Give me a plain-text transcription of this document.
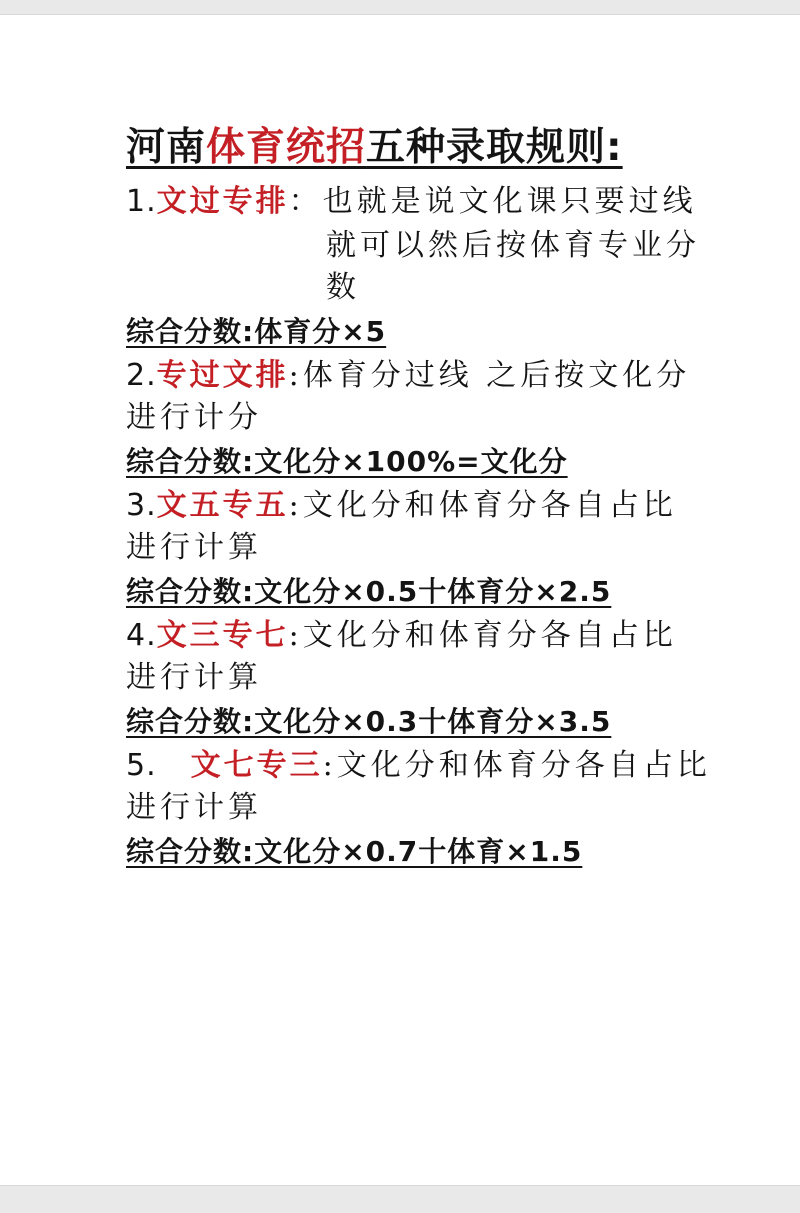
河南体育统招五种录取规则:
1.文过专排：也就是说文化课只要过线
就可以然后按体育专业分
数
综合分数:体育分×5
2.专过文排:体育分过线 之后按文化分
进行计分
综合分数:文化分×100%=文化分
3.文五专五:文化分和体育分各自占比
进行计算
综合分数:文化分×0.5十体育分×2.5
4.文三专七:文化分和体育分各自占比
进行计算
综合分数:文化分×0.3十体育分×3.5
5. 文七专三:文化分和体育分各自占比
进行计算
综合分数:文化分×0.7十体育×1.5
